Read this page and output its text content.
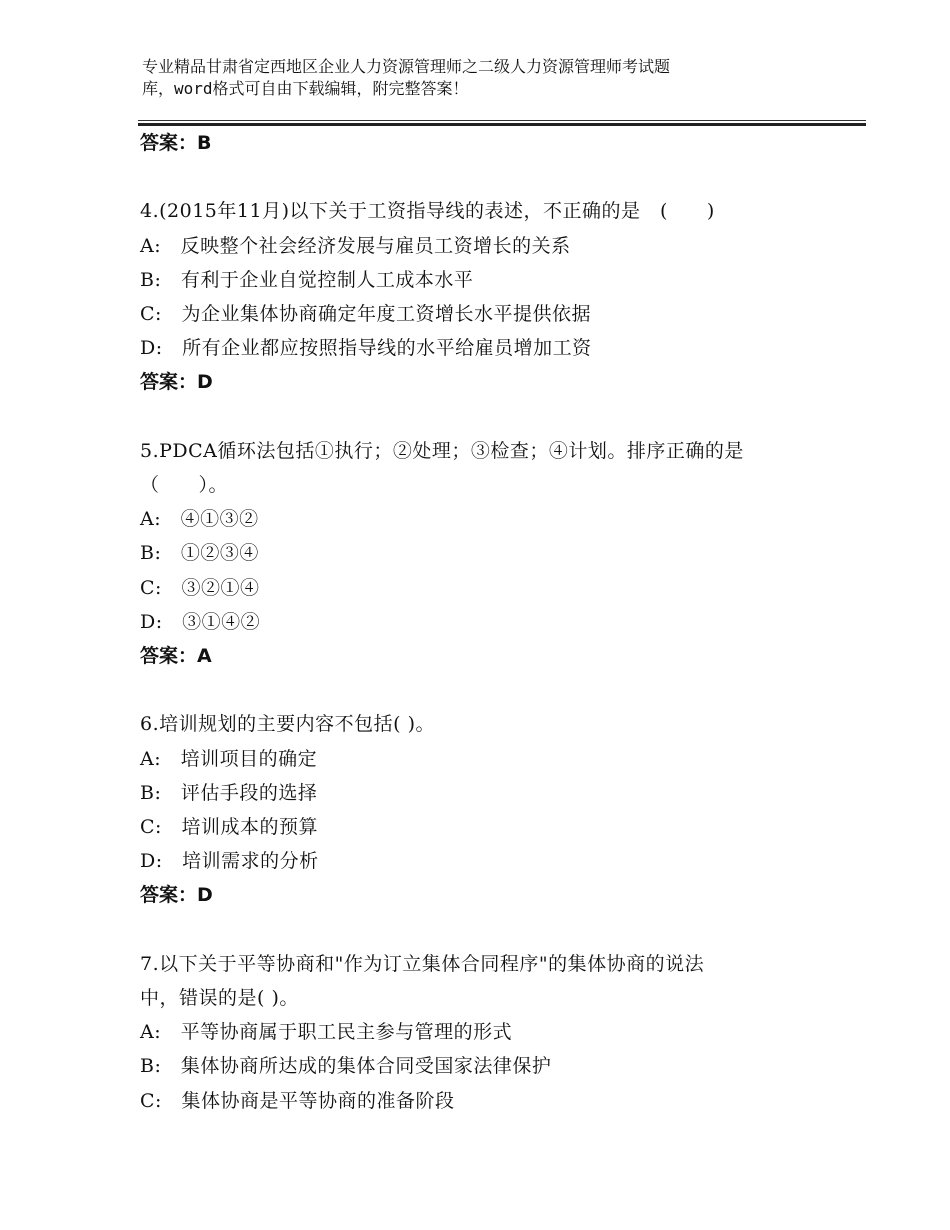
专业精品甘肃省定西地区企业人力资源管理师之二级人力资源管理师考试题
库，word格式可自由下载编辑，附完整答案！
答案：B
4.(2015年11月)以下关于工资指导线的表述，不正确的是　(　　)
A:　反映整个社会经济发展与雇员工资增长的关系
B:　有利于企业自觉控制人工成本水平
C:　为企业集体协商确定年度工资增长水平提供依据
D:　所有企业都应按照指导线的水平给雇员增加工资
答案：D
5.PDCA循环法包括①执行；②处理；③检查；④计划。排序正确的是
（　　）。
A:　④①③②
B:　①②③④
C:　③②①④
D:　③①④②
答案：A
6.培训规划的主要内容不包括( )。
A:　培训项目的确定
B:　评估手段的选择
C:　培训成本的预算
D:　培训需求的分析
答案：D
7.以下关于平等协商和"作为订立集体合同程序"的集体协商的说法
中，错误的是( )。
A:　平等协商属于职工民主参与管理的形式
B:　集体协商所达成的集体合同受国家法律保护
C:　集体协商是平等协商的准备阶段
